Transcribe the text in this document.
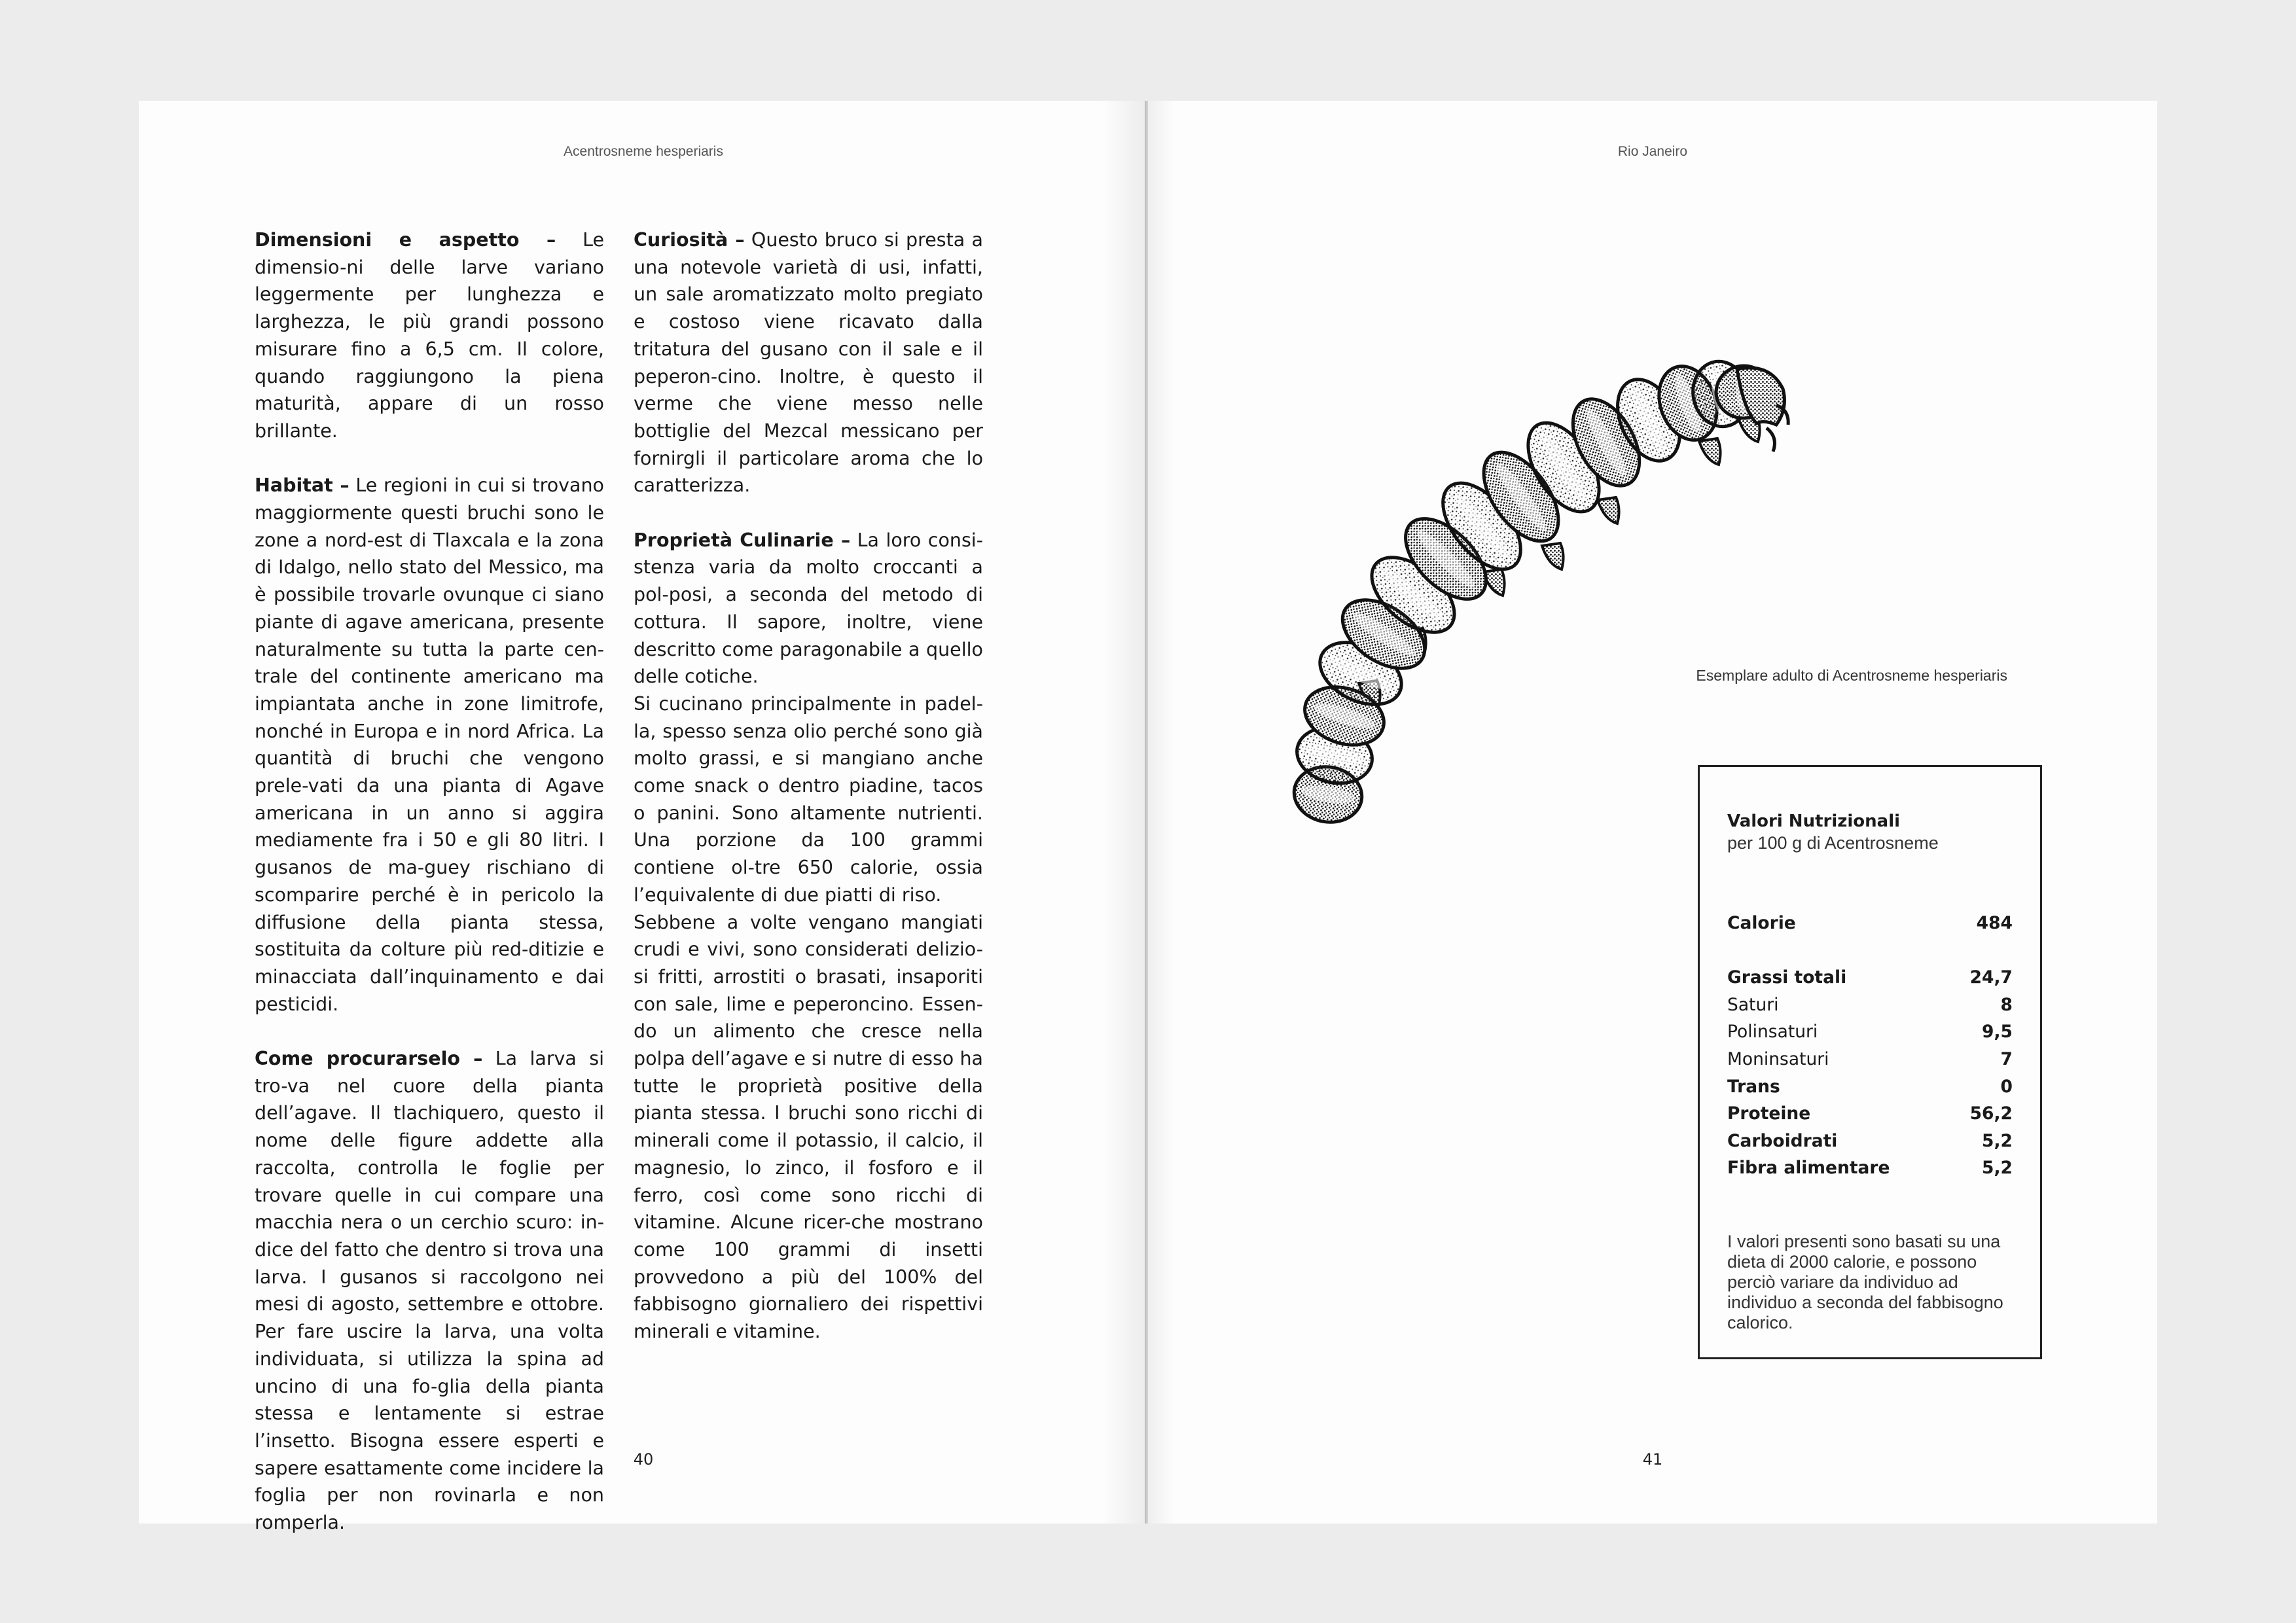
Acentrosneme hesperiaris

Dimensioni e aspetto – Le dimensio-ni delle larve variano leggermente per lunghezza e larghezza, le più grandi possono misurare fino a 6,5 cm. Il colore, quando raggiungono la piena maturità, appare di un rosso brillante.

Habitat – Le regioni in cui si trovano maggiormente questi bruchi sono le zone a nord-est di Tlaxcala e la zona di Idalgo, nello stato del Messico, ma è possibile trovarle ovunque ci siano piante di agave americana, presente naturalmente su tutta la parte cen-trale del continente americano ma impiantata anche in zone limitrofe, nonché in Europa e in nord Africa. La quantità di bruchi che vengono prele-vati da una pianta di Agave americana in un anno si aggira mediamente fra i 50 e gli 80 litri. I gusanos de ma-guey rischiano di scomparire perché è in pericolo la diffusione della pianta stessa, sostituita da colture più red-ditizie e minacciata dall’inquinamento e dai pesticidi.

Come procurarselo – La larva si tro-va nel cuore della pianta dell’agave. Il tlachiquero, questo il nome delle figure addette alla raccolta, controlla le foglie per trovare quelle in cui compare una macchia nera o un cerchio scuro: in-dice del fatto che dentro si trova una larva. I gusanos si raccolgono nei mesi di agosto, settembre e ottobre. Per fare uscire la larva, una volta individuata, si utilizza la spina ad uncino di una fo-glia della pianta stessa e lentamente si estrae l’insetto. Bisogna essere esperti e sapere esattamente come incidere la foglia per non rovinarla e non romperla.

Curiosità – Questo bruco si presta a una notevole varietà di usi, infatti, un sale aromatizzato molto pregiato e costoso viene ricavato dalla tritatura del gusano con il sale e il peperon-cino. Inoltre, è questo il verme che viene messo nelle bottiglie del Mezcal messicano per fornirgli il particolare aroma che lo caratterizza.

Proprietà Culinarie – La loro consi-stenza varia da molto croccanti a pol-posi, a seconda del metodo di cottura. Il sapore, inoltre, viene descritto come paragonabile a quello delle cotiche.

Si cucinano principalmente in padel-la, spesso senza olio perché sono già molto grassi, e si mangiano anche come snack o dentro piadine, tacos o panini. Sono altamente nutrienti. Una porzione da 100 grammi contiene ol-tre 650 calorie, ossia l’equivalente di due piatti di riso.

Sebbene a volte vengano mangiati crudi e vivi, sono considerati delizio-si fritti, arrostiti o brasati, insaporiti con sale, lime e peperoncino. Essen-do un alimento che cresce nella polpa dell’agave e si nutre di esso ha tutte le proprietà positive della pianta stessa. I bruchi sono ricchi di minerali come il potassio, il calcio, il magnesio, lo zinco, il fosforo e il ferro, così come sono ricchi di vitamine. Alcune ricer-che mostrano come 100 grammi di insetti provvedono a più del 100% del fabbisogno giornaliero dei rispettivi minerali e vitamine.

40
Rio Janeiro
Esemplare adulto di Acentrosneme hesperiaris
Valori Nutrizionali
per 100 g di Acentrosneme
Calorie	484
Grassi totali	24,7
Saturi	8
Polinsaturi	9,5
Moninsaturi	7
Trans	0
Proteine	56,2
Carboidrati	5,2
Fibra alimentare	5,2
I valori presenti sono basati su una dieta di 2000 calorie, e possono perciò variare da individuo ad individuo a seconda del fabbisogno calorico.
41
